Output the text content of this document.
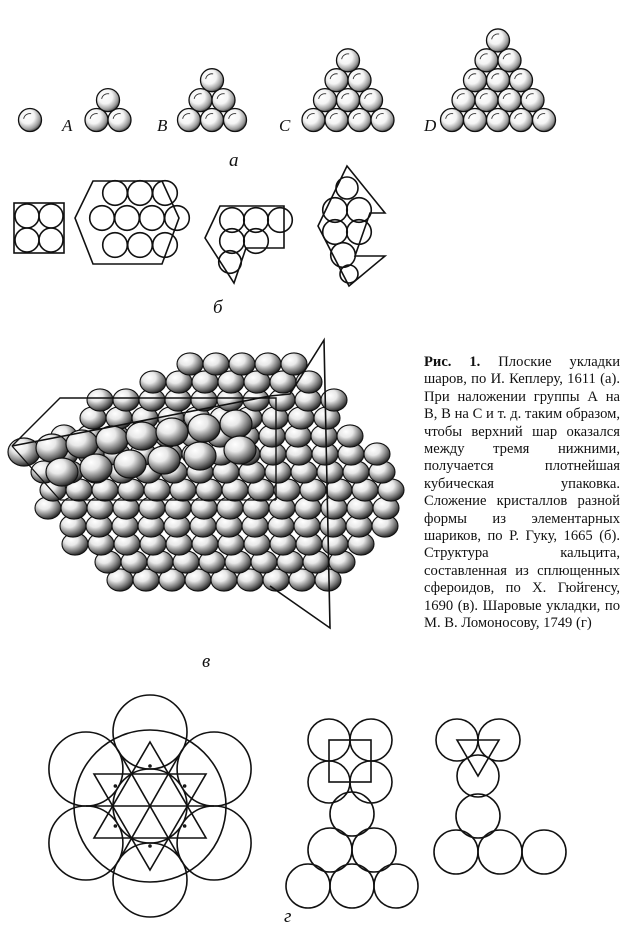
A	B	C	D
а
б
в
г

Рис. 1. Плоские укладки шаров, по И. Кеплеру, 1611 (а). При наложении группы А на В, В на С и т. д. таким образом, чтобы верхний шар оказался между тремя нижними, получается плотнейшая кубическая упаковка. Сложение кристаллов разной формы из элементарных шариков, по Р. Гуку, 1665 (б). Структура кальцита, составленная из сплющенных сфероидов, по X. Гюйгенсу, 1690 (в). Шаровые укладки, по М. В. Ломоносову, 1749 (г)
